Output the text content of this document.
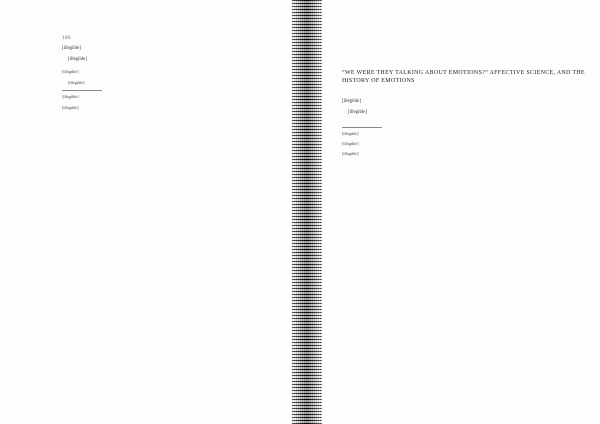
106

[illegible]

[illegible]

[illegible]

[illegible]

[illegible]

[illegible]

“WE WERE THEY TALKING ABOUT EMOTIONS?” AFFECTIVE SCIENCE, AND THE HISTORY OF EMOTIONS

[illegible]

[illegible]

[illegible]

[illegible]

[illegible]
